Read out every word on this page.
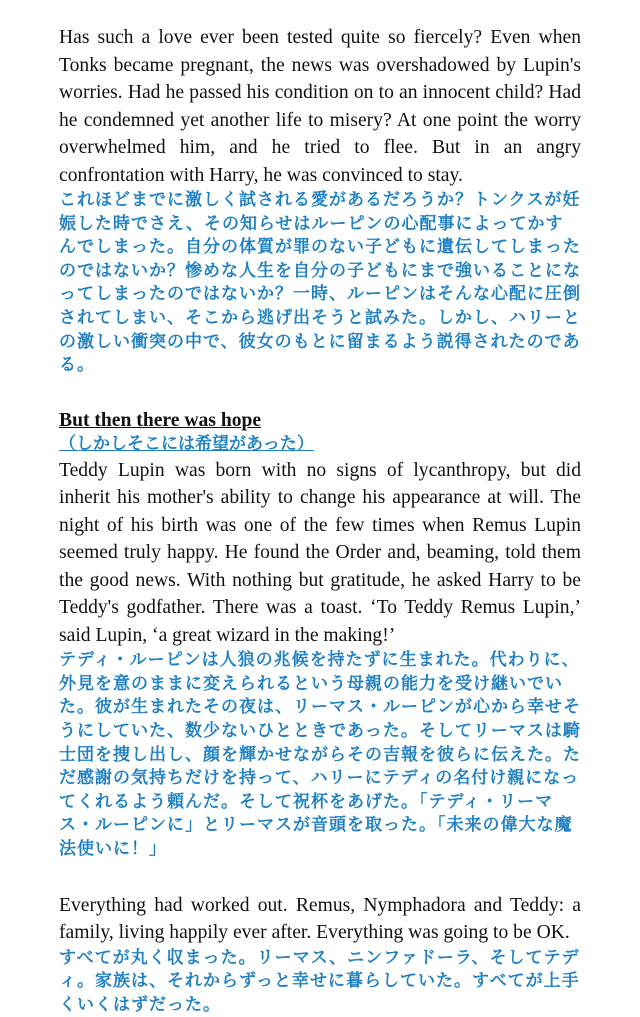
Has such a love ever been tested quite so fiercely? Even when Tonks became pregnant, the news was overshadowed by Lupin's worries. Had he passed his condition on to an innocent child? Had he condemned yet another life to misery? At one point the worry overwhelmed him, and he tried to flee. But in an angry confrontation with Harry, he was convinced to stay.

これほどまでに激しく試される愛があるだろうか？トンクスが妊娠した時でさえ、その知らせはルーピンの心配事によってかすんでしまった。自分の体質が罪のない子どもに遺伝してしまったのではないか？惨めな人生を自分の子どもにまで強いることになってしまったのではないか？一時、ルーピンはそんな心配に圧倒されてしまい、そこから逃げ出そうと試みた。しかし、ハリーとの激しい衝突の中で、彼女のもとに留まるよう説得されたのである。

But then there was hope

（しかしそこには希望があった）

Teddy Lupin was born with no signs of lycanthropy, but did inherit his mother's ability to change his appearance at will. The night of his birth was one of the few times when Remus Lupin seemed truly happy. He found the Order and, beaming, told them the good news. With nothing but gratitude, he asked Harry to be Teddy's godfather. There was a toast. ‘To Teddy Remus Lupin,’ said Lupin, ‘a great wizard in the making!’

テディ・ルーピンは人狼の兆候を持たずに生まれた。代わりに、外見を意のままに変えられるという母親の能力を受け継いでいた。彼が生まれたその夜は、リーマス・ルーピンが心から幸せそうにしていた、数少ないひとときであった。そしてリーマスは騎士団を捜し出し、顔を輝かせながらその吉報を彼らに伝えた。ただ感謝の気持ちだけを持って、ハリーにテディの名付け親になってくれるよう頼んだ。そして祝杯をあげた。「テディ・リーマス・ルーピンに」とリーマスが音頭を取った。「未来の偉大な魔法使いに！」

Everything had worked out. Remus, Nymphadora and Teddy: a family, living happily ever after. Everything was going to be OK.

すべてが丸く収まった。リーマス、ニンファドーラ、そしてテディ。家族は、それからずっと幸せに暮らしていた。すべてが上手くいくはずだった。
